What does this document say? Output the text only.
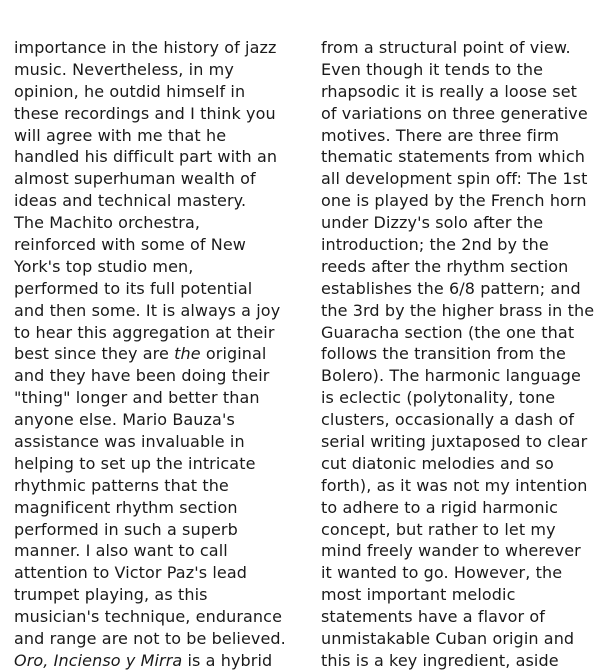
importance in the history of jazz
music. Nevertheless, in my
opinion, he outdid himself in
these recordings and I think you
will agree with me that he
handled his difficult part with an
almost superhuman wealth of
ideas and technical mastery.
The Machito orchestra,
reinforced with some of New
York's top studio men,
performed to its full potential
and then some. It is always a joy
to hear this aggregation at their
best since they are the original
and they have been doing their
"thing" longer and better than
anyone else. Mario Bauza's
assistance was invaluable in
helping to set up the intricate
rhythmic patterns that the
magnificent rhythm section
performed in such a superb
manner. I also want to call
attention to Victor Paz's lead
trumpet playing, as this
musician's technique, endurance
and range are not to be believed.
Oro, Incienso y Mirra is a hybrid
from a structural point of view.
Even though it tends to the
rhapsodic it is really a loose set
of variations on three generative
motives. There are three firm
thematic statements from which
all development spin off: The 1st
one is played by the French horn
under Dizzy's solo after the
introduction; the 2nd by the
reeds after the rhythm section
establishes the 6/8 pattern; and
the 3rd by the higher brass in the
Guaracha section (the one that
follows the transition from the
Bolero). The harmonic language
is eclectic (polytonality, tone
clusters, occasionally a dash of
serial writing juxtaposed to clear
cut diatonic melodies and so
forth), as it was not my intention
to adhere to a rigid harmonic
concept, but rather to let my
mind freely wander to wherever
it wanted to go. However, the
most important melodic
statements have a flavor of
unmistakable Cuban origin and
this is a key ingredient, aside
